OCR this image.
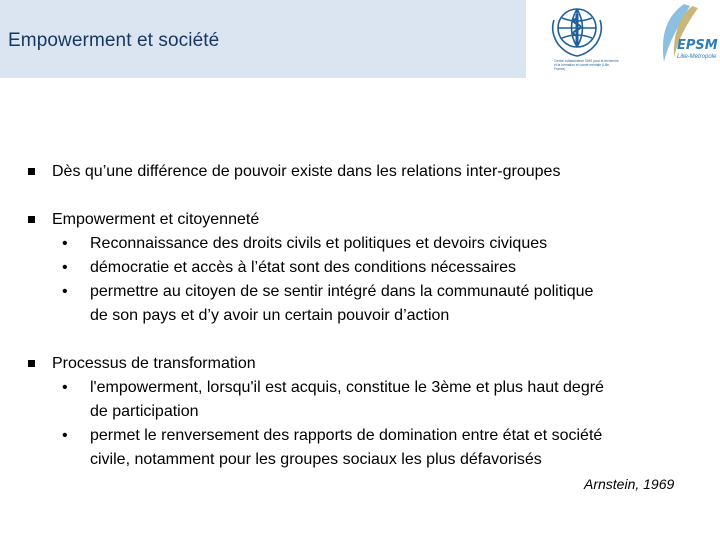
Empowerment et société
Centre collaborateur OMS pour la recherche et la formation en santé mentale (Lille, France)
EPSM
Lille-Métropole
Dès qu’une différence de pouvoir existe dans les relations inter-groupes
Empowerment et citoyenneté
• Reconnaissance des droits civils et politiques et devoirs civiques
• démocratie et accès à l’état sont des conditions nécessaires
• permettre au citoyen de se sentir intégré dans la communauté politique
de son pays et d’y avoir un certain pouvoir d’action
Processus de transformation
• l'empowerment, lorsqu'il est acquis, constitue le 3ème et plus haut degré
de participation
• permet le renversement des rapports de domination entre état et société
civile, notamment pour les groupes sociaux les plus défavorisés
Arnstein, 1969
